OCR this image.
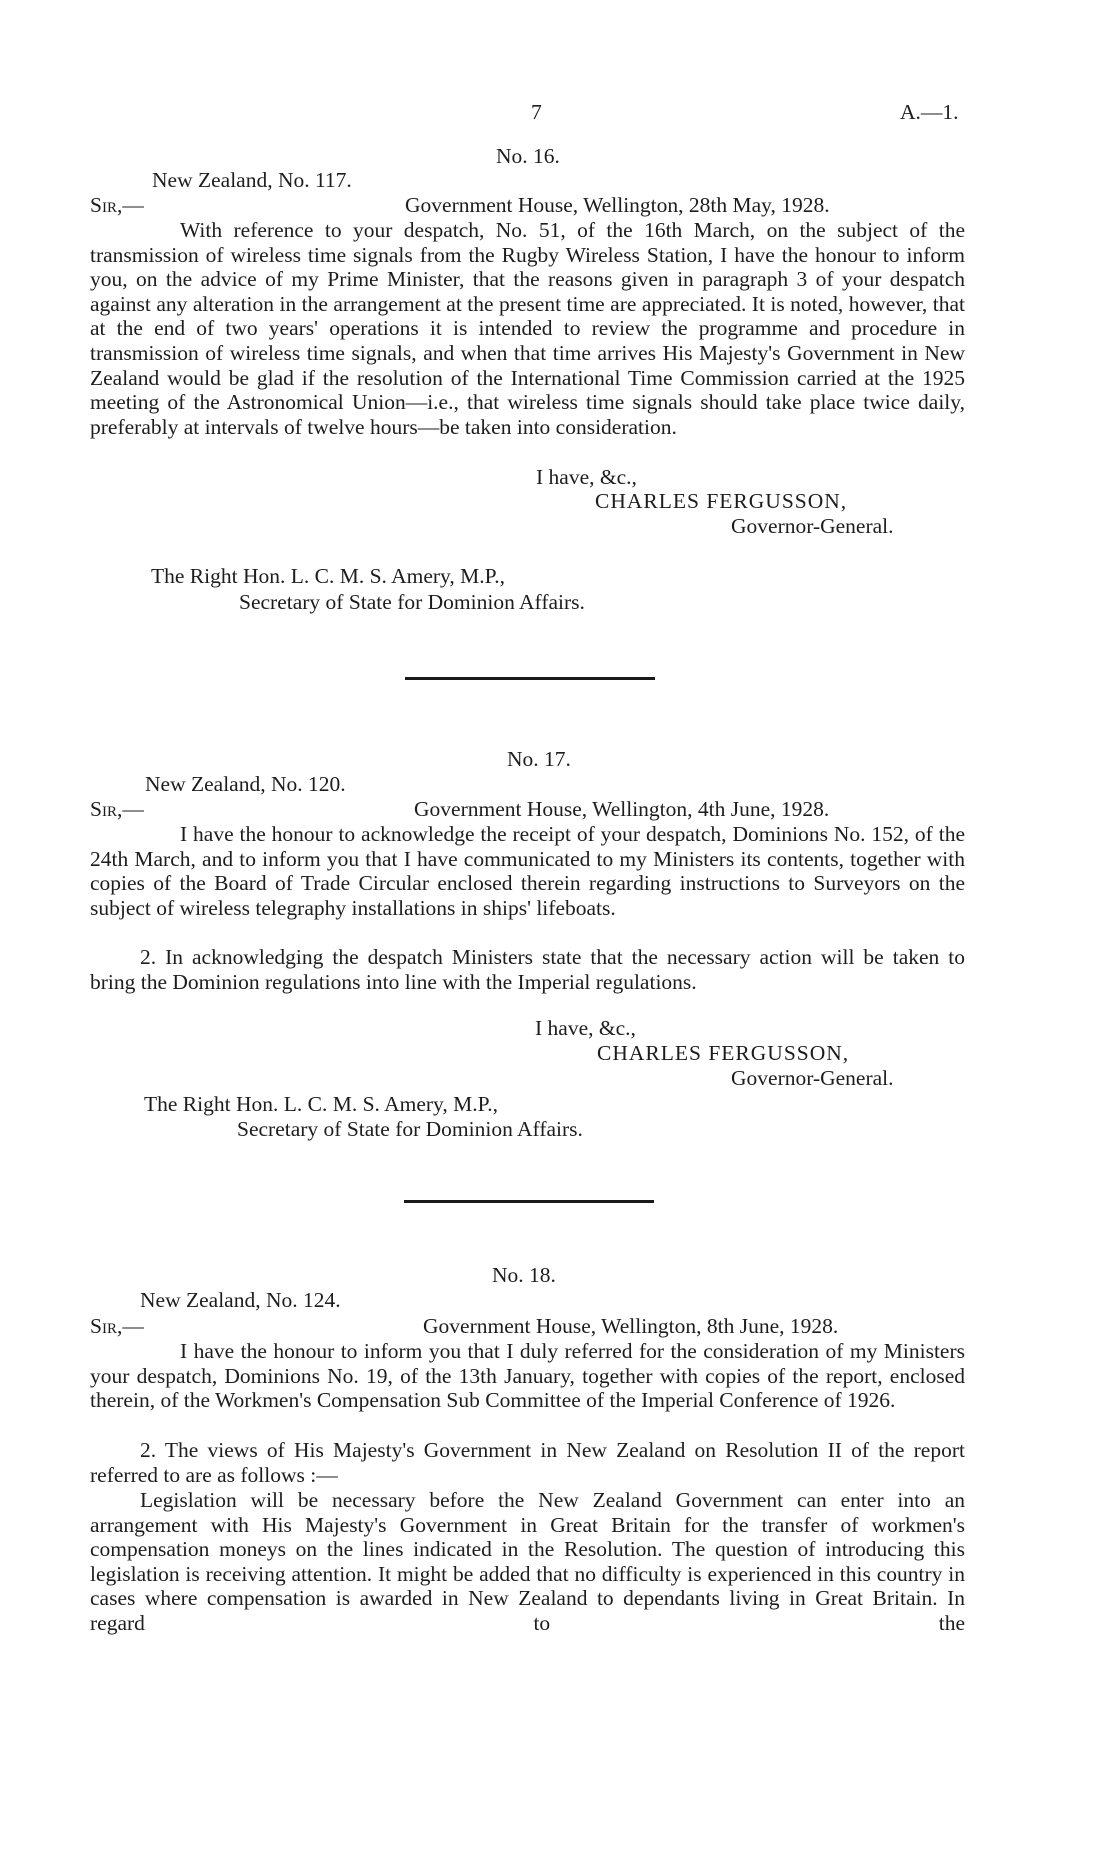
7	A.—1.
No. 16.
New Zealand, No. 117.
Sir,—	Government House, Wellington, 28th May, 1928.

With reference to your despatch, No. 51, of the 16th March, on the subject of the transmission of wireless time signals from the Rugby Wireless Station, I have the honour to inform you, on the advice of my Prime Minister, that the reasons given in paragraph 3 of your despatch against any alteration in the arrangement at the present time are appreciated. It is noted, however, that at the end of two years' operations it is intended to review the programme and procedure in transmission of wireless time signals, and when that time arrives His Majesty's Government in New Zealand would be glad if the resolution of the International Time Commission carried at the 1925 meeting of the Astronomical Union—i.e., that wireless time signals should take place twice daily, preferably at intervals of twelve hours—be taken into consideration.

I have, &c.,
CHARLES FERGUSSON,
Governor-General.
The Right Hon. L. C. M. S. Amery, M.P.,
Secretary of State for Dominion Affairs.
No. 17.
New Zealand, No. 120.
Sir,—	Government House, Wellington, 4th June, 1928.

I have the honour to acknowledge the receipt of your despatch, Dominions No. 152, of the 24th March, and to inform you that I have communicated to my Ministers its contents, together with copies of the Board of Trade Circular enclosed therein regarding instructions to Surveyors on the subject of wireless telegraphy installations in ships' lifeboats.

2. In acknowledging the despatch Ministers state that the necessary action will be taken to bring the Dominion regulations into line with the Imperial regulations.

I have, &c.,
CHARLES FERGUSSON,
Governor-General.
The Right Hon. L. C. M. S. Amery, M.P.,
Secretary of State for Dominion Affairs.
No. 18.
New Zealand, No. 124.
Sir,—	Government House, Wellington, 8th June, 1928.

I have the honour to inform you that I duly referred for the consideration of my Ministers your despatch, Dominions No. 19, of the 13th January, together with copies of the report, enclosed therein, of the Workmen's Compensation Sub Committee of the Imperial Conference of 1926.

2. The views of His Majesty's Government in New Zealand on Resolution II of the report referred to are as follows :—

Legislation will be necessary before the New Zealand Government can enter into an arrangement with His Majesty's Government in Great Britain for the transfer of workmen's compensation moneys on the lines indicated in the Resolution. The question of introducing this legislation is receiving attention. It might be added that no difficulty is experienced in this country in cases where compensation is awarded in New Zealand to dependants living in Great Britain. In regard to the
